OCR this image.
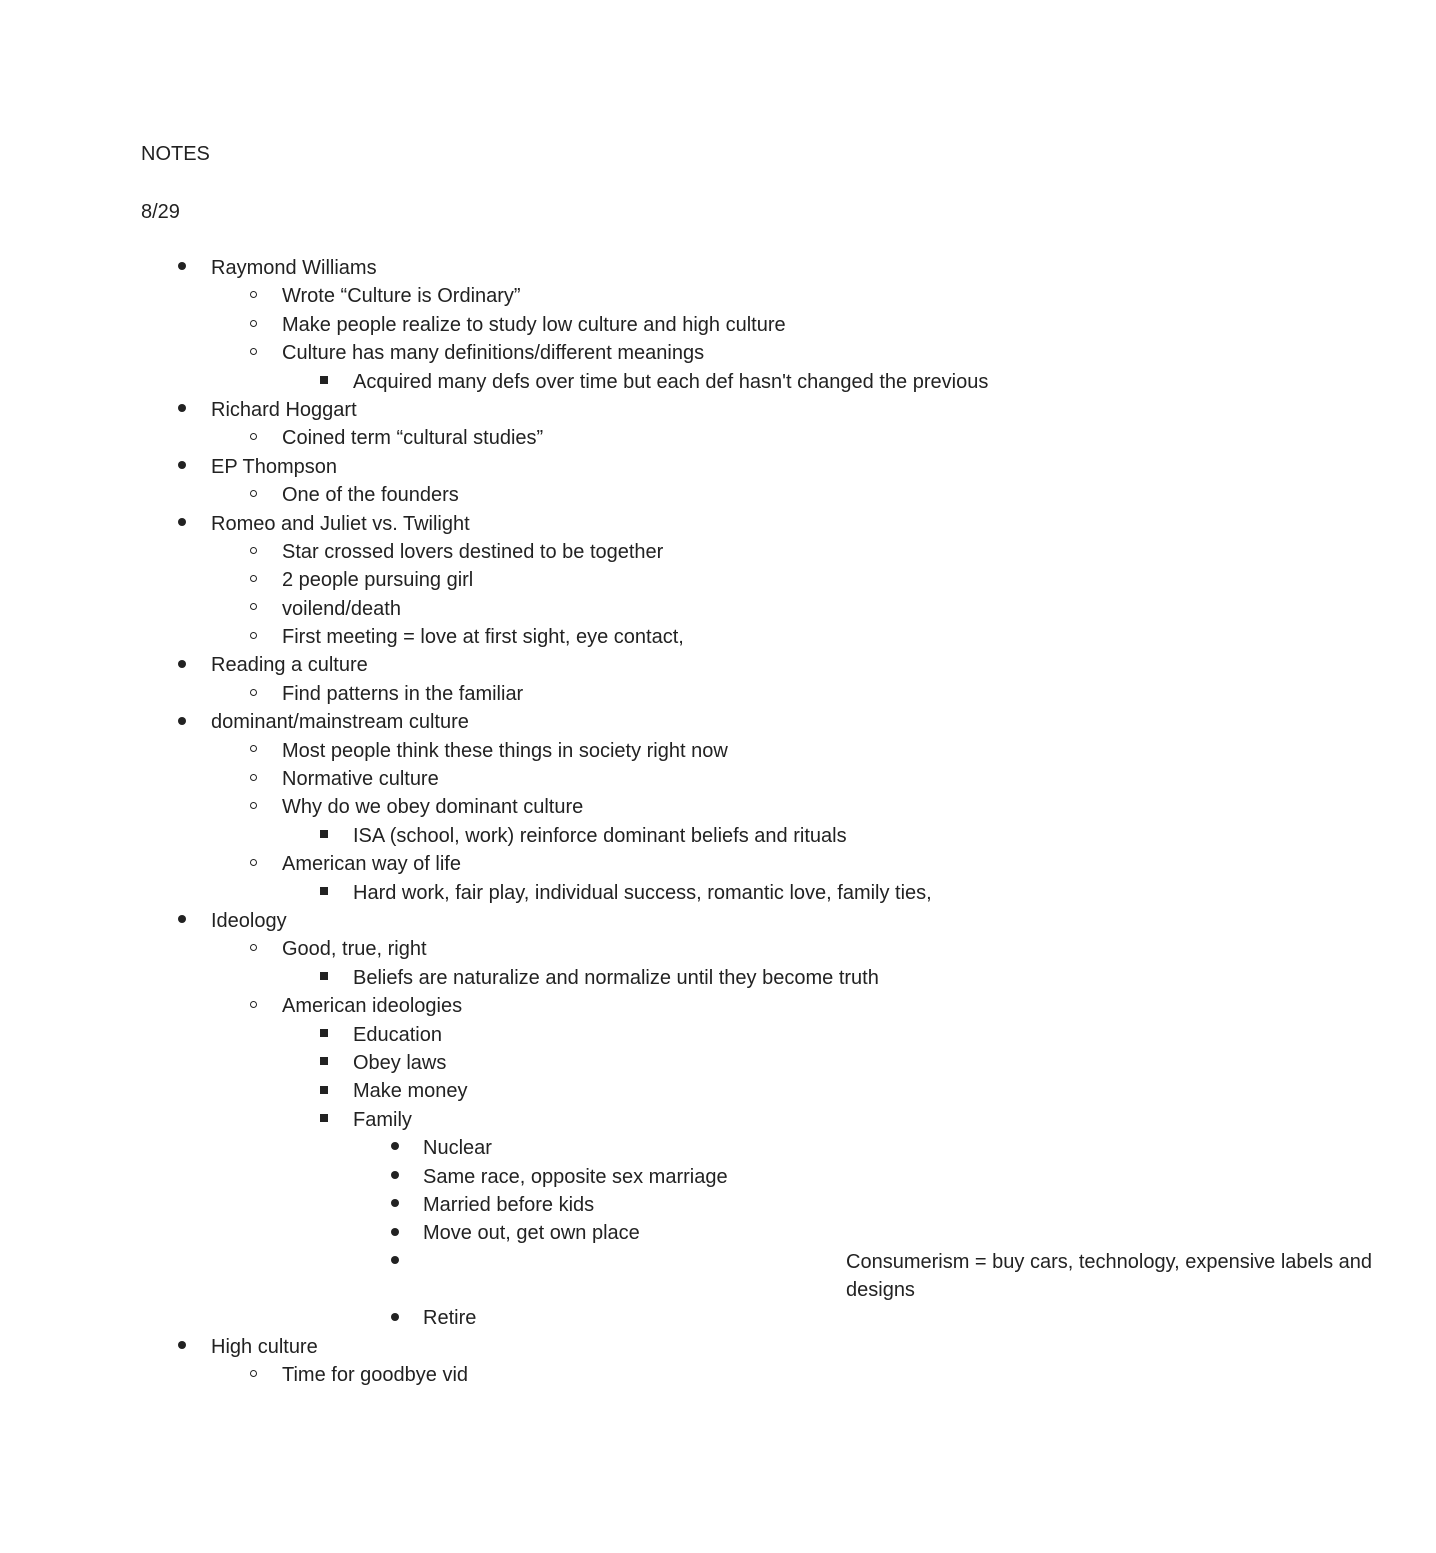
NOTES
8/29
Raymond Williams
Wrote “Culture is Ordinary”
Make people realize to study low culture and high culture
Culture has many definitions/different meanings
Acquired many defs over time but each def hasn't changed the previous
Richard Hoggart
Coined term “cultural studies”
EP Thompson
One of the founders
Romeo and Juliet vs. Twilight
Star crossed lovers destined to be together
2 people pursuing girl
voilend/death
First meeting = love at first sight, eye contact,
Reading a culture
Find patterns in the familiar
dominant/mainstream culture
Most people think these things in society right now
Normative culture
Why do we obey dominant culture
ISA (school, work) reinforce dominant beliefs and rituals
American way of life
Hard work, fair play, individual success, romantic love, family ties,
Ideology
Good, true, right
Beliefs are naturalize and normalize until they become truth
American ideologies
Education
Obey laws
Make money
Family
Nuclear
Same race, opposite sex marriage
Married before kids
Move out, get own place
Consumerism = buy cars, technology, expensive labels and designs
Retire
High culture
Time for goodbye vid
